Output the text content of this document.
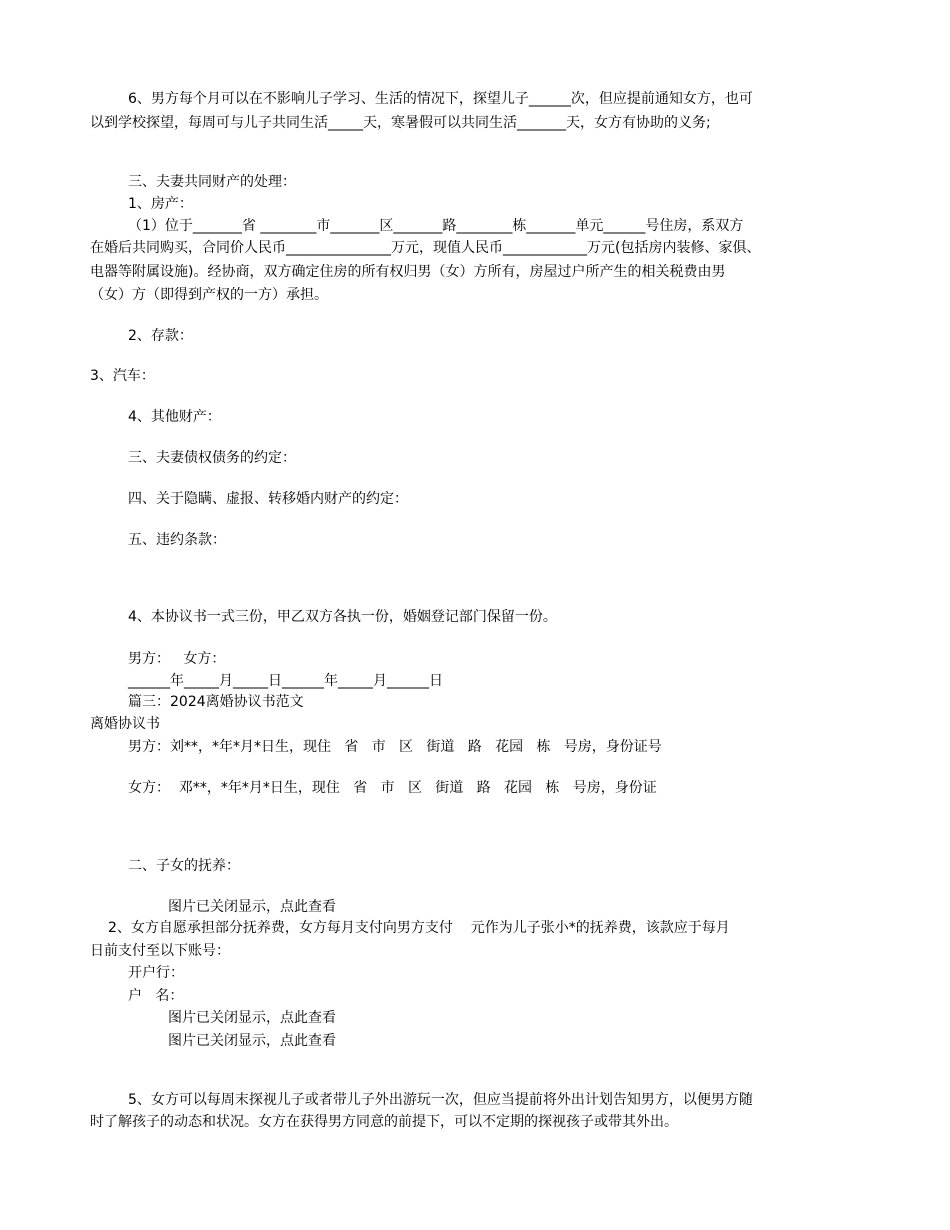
6、男方每个月可以在不影响儿子学习、生活的情况下，探望儿子______次，但应提前通知女方，也可
以到学校探望，每周可与儿子共同生活_____天，寒暑假可以共同生活_______天，女方有协助的义务;
三、夫妻共同财产的处理：
1、房产：
（1）位于_______省 ________市_______区_______路________栋_______单元______号住房，系双方
在婚后共同购买，合同价人民币_______________万元，现值人民币____________万元(包括房内装修、家俱、
电器等附属设施)。经协商，双方确定住房的所有权归男（女）方所有，房屋过户所产生的相关税费由男
（女）方（即得到产权的一方）承担。
2、存款：
3、汽车：
4、其他财产：
三、夫妻债权债务的约定：
四、关于隐瞒、虚报、转移婚内财产的约定：
五、违约条款：
4、本协议书一式三份，甲乙双方各执一份，婚姻登记部门保留一份。
男方：   女方：
______年_____月_____日______年_____月______日
篇三：2024离婚协议书范文
离婚协议书
男方：刘**，*年*月*日生，现住   省   市   区   街道   路   花园   栋   号房，身份证号
女方：  邓**，*年*月*日生，现住   省   市   区   街道   路   花园   栋   号房，身份证
二、子女的抚养：
图片已关闭显示，点此查看
2、女方自愿承担部分抚养费，女方每月支付向男方支付    元作为儿子张小*的抚养费，该款应于每月
日前支付至以下账号：
开户行：
户   名：
图片已关闭显示，点此查看
图片已关闭显示，点此查看
5、女方可以每周末探视儿子或者带儿子外出游玩一次，但应当提前将外出计划告知男方，以便男方随
时了解孩子的动态和状况。女方在获得男方同意的前提下，可以不定期的探视孩子或带其外出。
